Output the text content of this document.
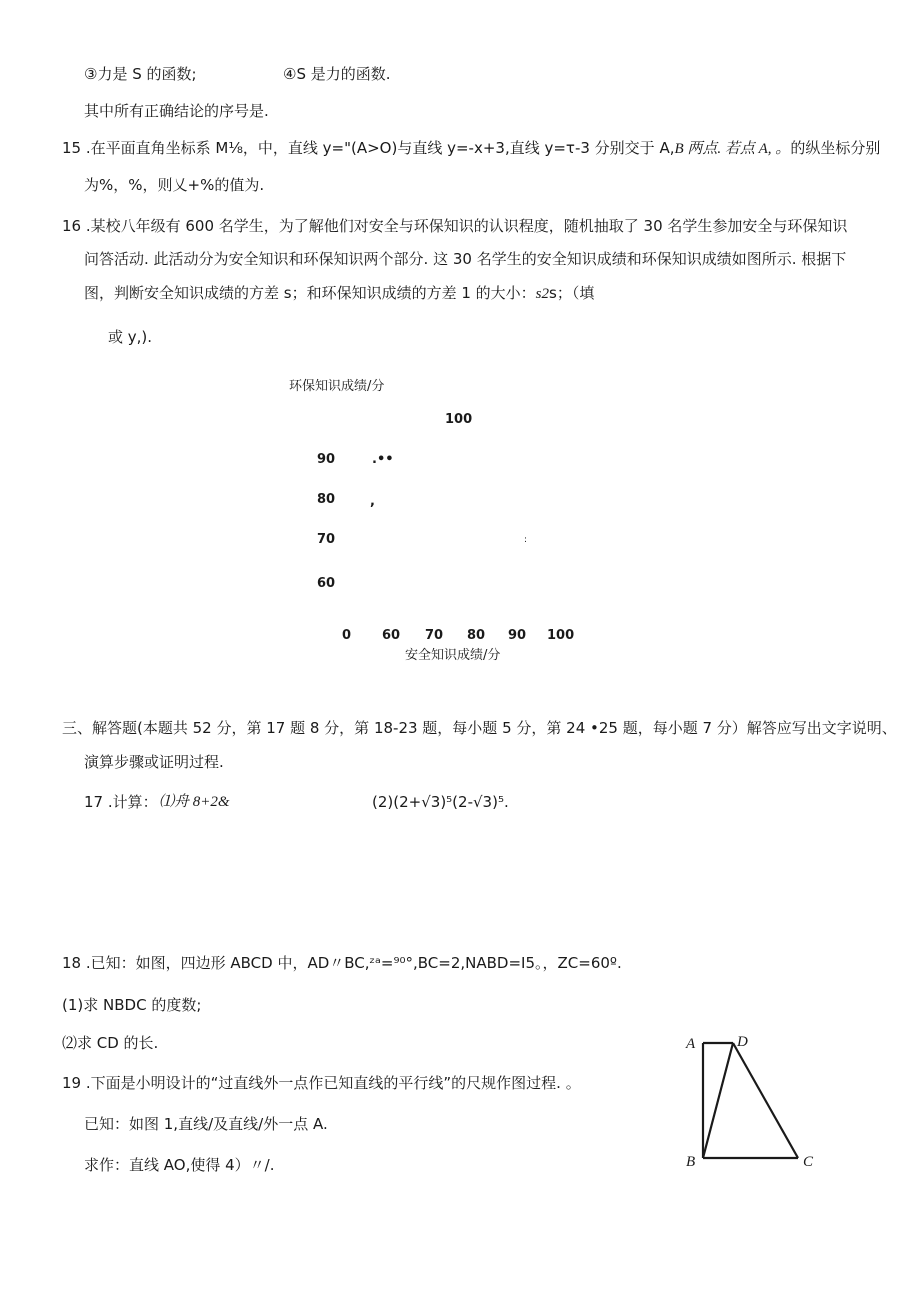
③力是 S 的函数;	④S 是力的函数.
其中所有正确结论的序号是.
15 .在平面直角坐标系 M⅛，中，直线 y="(A>O)与直线 y=-x+3,直线 y=τ-3 分别交于 A,B 两点. 若点 A, 。的纵坐标分别
为%，%，则乂+%的值为.
16 .某校八年级有 600 名学生，为了解他们对安全与环保知识的认识程度，随机抽取了 30 名学生参加安全与环保知识
问答活动. 此活动分为安全知识和环保知识两个部分. 这 30 名学生的安全知识成绩和环保知识成绩如图所示. 根据下
图，判断安全知识成绩的方差 s；和环保知识成绩的方差 1 的大小：s2s；（填
或 y,).
环保知识成绩/分
100
90
80
70
60
.••
,
:
0 60 70 80 90 100
安全知识成绩/分
三、解答题(本题共 52 分，第 17 题 8 分，第 18-23 题，每小题 5 分，第 24 •25 题，每小题 7 分）解答应写出文字说明、
演算步骤或证明过程.
17 .计算： ⑴舟 8+2&	(2)(2+√3)⁵(2-√3)⁵.
18 .已知：如图，四边形 ABCD 中，AD〃BC,ᶻᵃ=⁹⁰°,BC=2,NABD=I5。，ZC=60º.
(1)求 NBDC 的度数;
⑵求 CD 的长.
19 .下面是小明设计的“过直线外一点作已知直线的平行线”的尺规作图过程. 。
已知：如图 1,直线/及直线/外一点 A.
求作：直线 AO,使得 4）〃/.
A	D
B	C
